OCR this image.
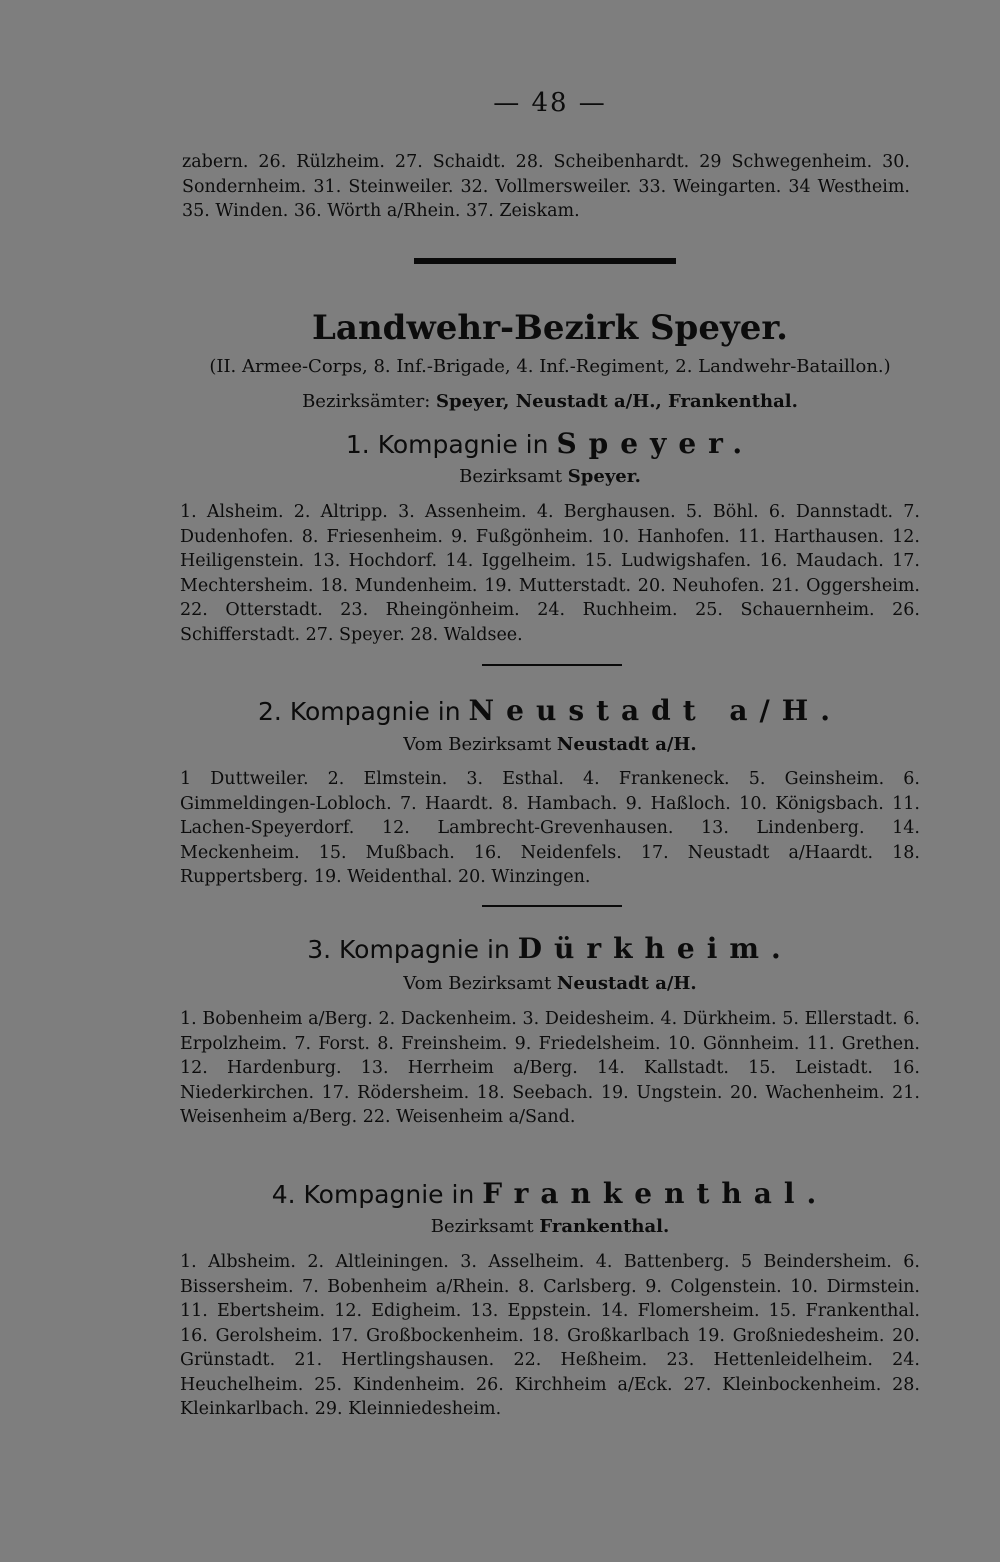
— 48 —

zabern. 26. Rülzheim. 27. Schaidt. 28. Scheibenhardt. 29 Schwegenheim. 30. Sondernheim. 31. Steinweiler. 32. Vollmersweiler. 33. Weingarten. 34 Westheim. 35. Winden. 36. Wörth a/Rhein. 37. Zeiskam.

Landwehr-Bezirk Speyer.
(II. Armee-Corps, 8. Inf.-Brigade, 4. Inf.-Regiment, 2. Landwehr-Bataillon.)
Bezirksämter: Speyer, Neustadt a/H., Frankenthal.
1. Kompagnie in Speyer.
Bezirksamt Speyer.

1. Alsheim. 2. Altripp. 3. Assenheim. 4. Berghausen. 5. Böhl. 6. Dannstadt. 7. Dudenhofen. 8. Friesenheim. 9. Fußgönheim. 10. Hanhofen. 11. Harthausen. 12. Heiligenstein. 13. Hochdorf. 14. Iggelheim. 15. Ludwigshafen. 16. Maudach. 17. Mechtersheim. 18. Mundenheim. 19. Mutterstadt. 20. Neuhofen. 21. Oggersheim. 22. Otterstadt. 23. Rheingönheim. 24. Ruchheim. 25. Schauernheim. 26. Schifferstadt. 27. Speyer. 28. Waldsee.

2. Kompagnie in Neustadt a/H.
Vom Bezirksamt Neustadt a/H.

1 Duttweiler. 2. Elmstein. 3. Esthal. 4. Frankeneck. 5. Geinsheim. 6. Gimmeldingen-Lobloch. 7. Haardt. 8. Hambach. 9. Haßloch. 10. Königsbach. 11. Lachen-Speyerdorf. 12. Lambrecht-Grevenhausen. 13. Lindenberg. 14. Meckenheim. 15. Mußbach. 16. Neidenfels. 17. Neustadt a/Haardt. 18. Ruppertsberg. 19. Weidenthal. 20. Winzingen.

3. Kompagnie in Dürkheim.
Vom Bezirksamt Neustadt a/H.

1. Bobenheim a/Berg. 2. Dackenheim. 3. Deidesheim. 4. Dürkheim. 5. Ellerstadt. 6. Erpolzheim. 7. Forst. 8. Freinsheim. 9. Friedelsheim. 10. Gönnheim. 11. Grethen. 12. Hardenburg. 13. Herrheim a/Berg. 14. Kallstadt. 15. Leistadt. 16. Niederkirchen. 17. Rödersheim. 18. Seebach. 19. Ungstein. 20. Wachenheim. 21. Weisenheim a/Berg. 22. Weisenheim a/Sand.

4. Kompagnie in Frankenthal.
Bezirksamt Frankenthal.

1. Albsheim. 2. Altleiningen. 3. Asselheim. 4. Battenberg. 5 Beindersheim. 6. Bissersheim. 7. Bobenheim a/Rhein. 8. Carlsberg. 9. Colgenstein. 10. Dirmstein. 11. Ebertsheim. 12. Edigheim. 13. Eppstein. 14. Flomersheim. 15. Frankenthal. 16. Gerolsheim. 17. Großbockenheim. 18. Großkarlbach 19. Großniedesheim. 20. Grünstadt. 21. Hertlingshausen. 22. Heßheim. 23. Hettenleidelheim. 24. Heuchelheim. 25. Kindenheim. 26. Kirchheim a/Eck. 27. Kleinbockenheim. 28. Kleinkarlbach. 29. Kleinniedesheim.
